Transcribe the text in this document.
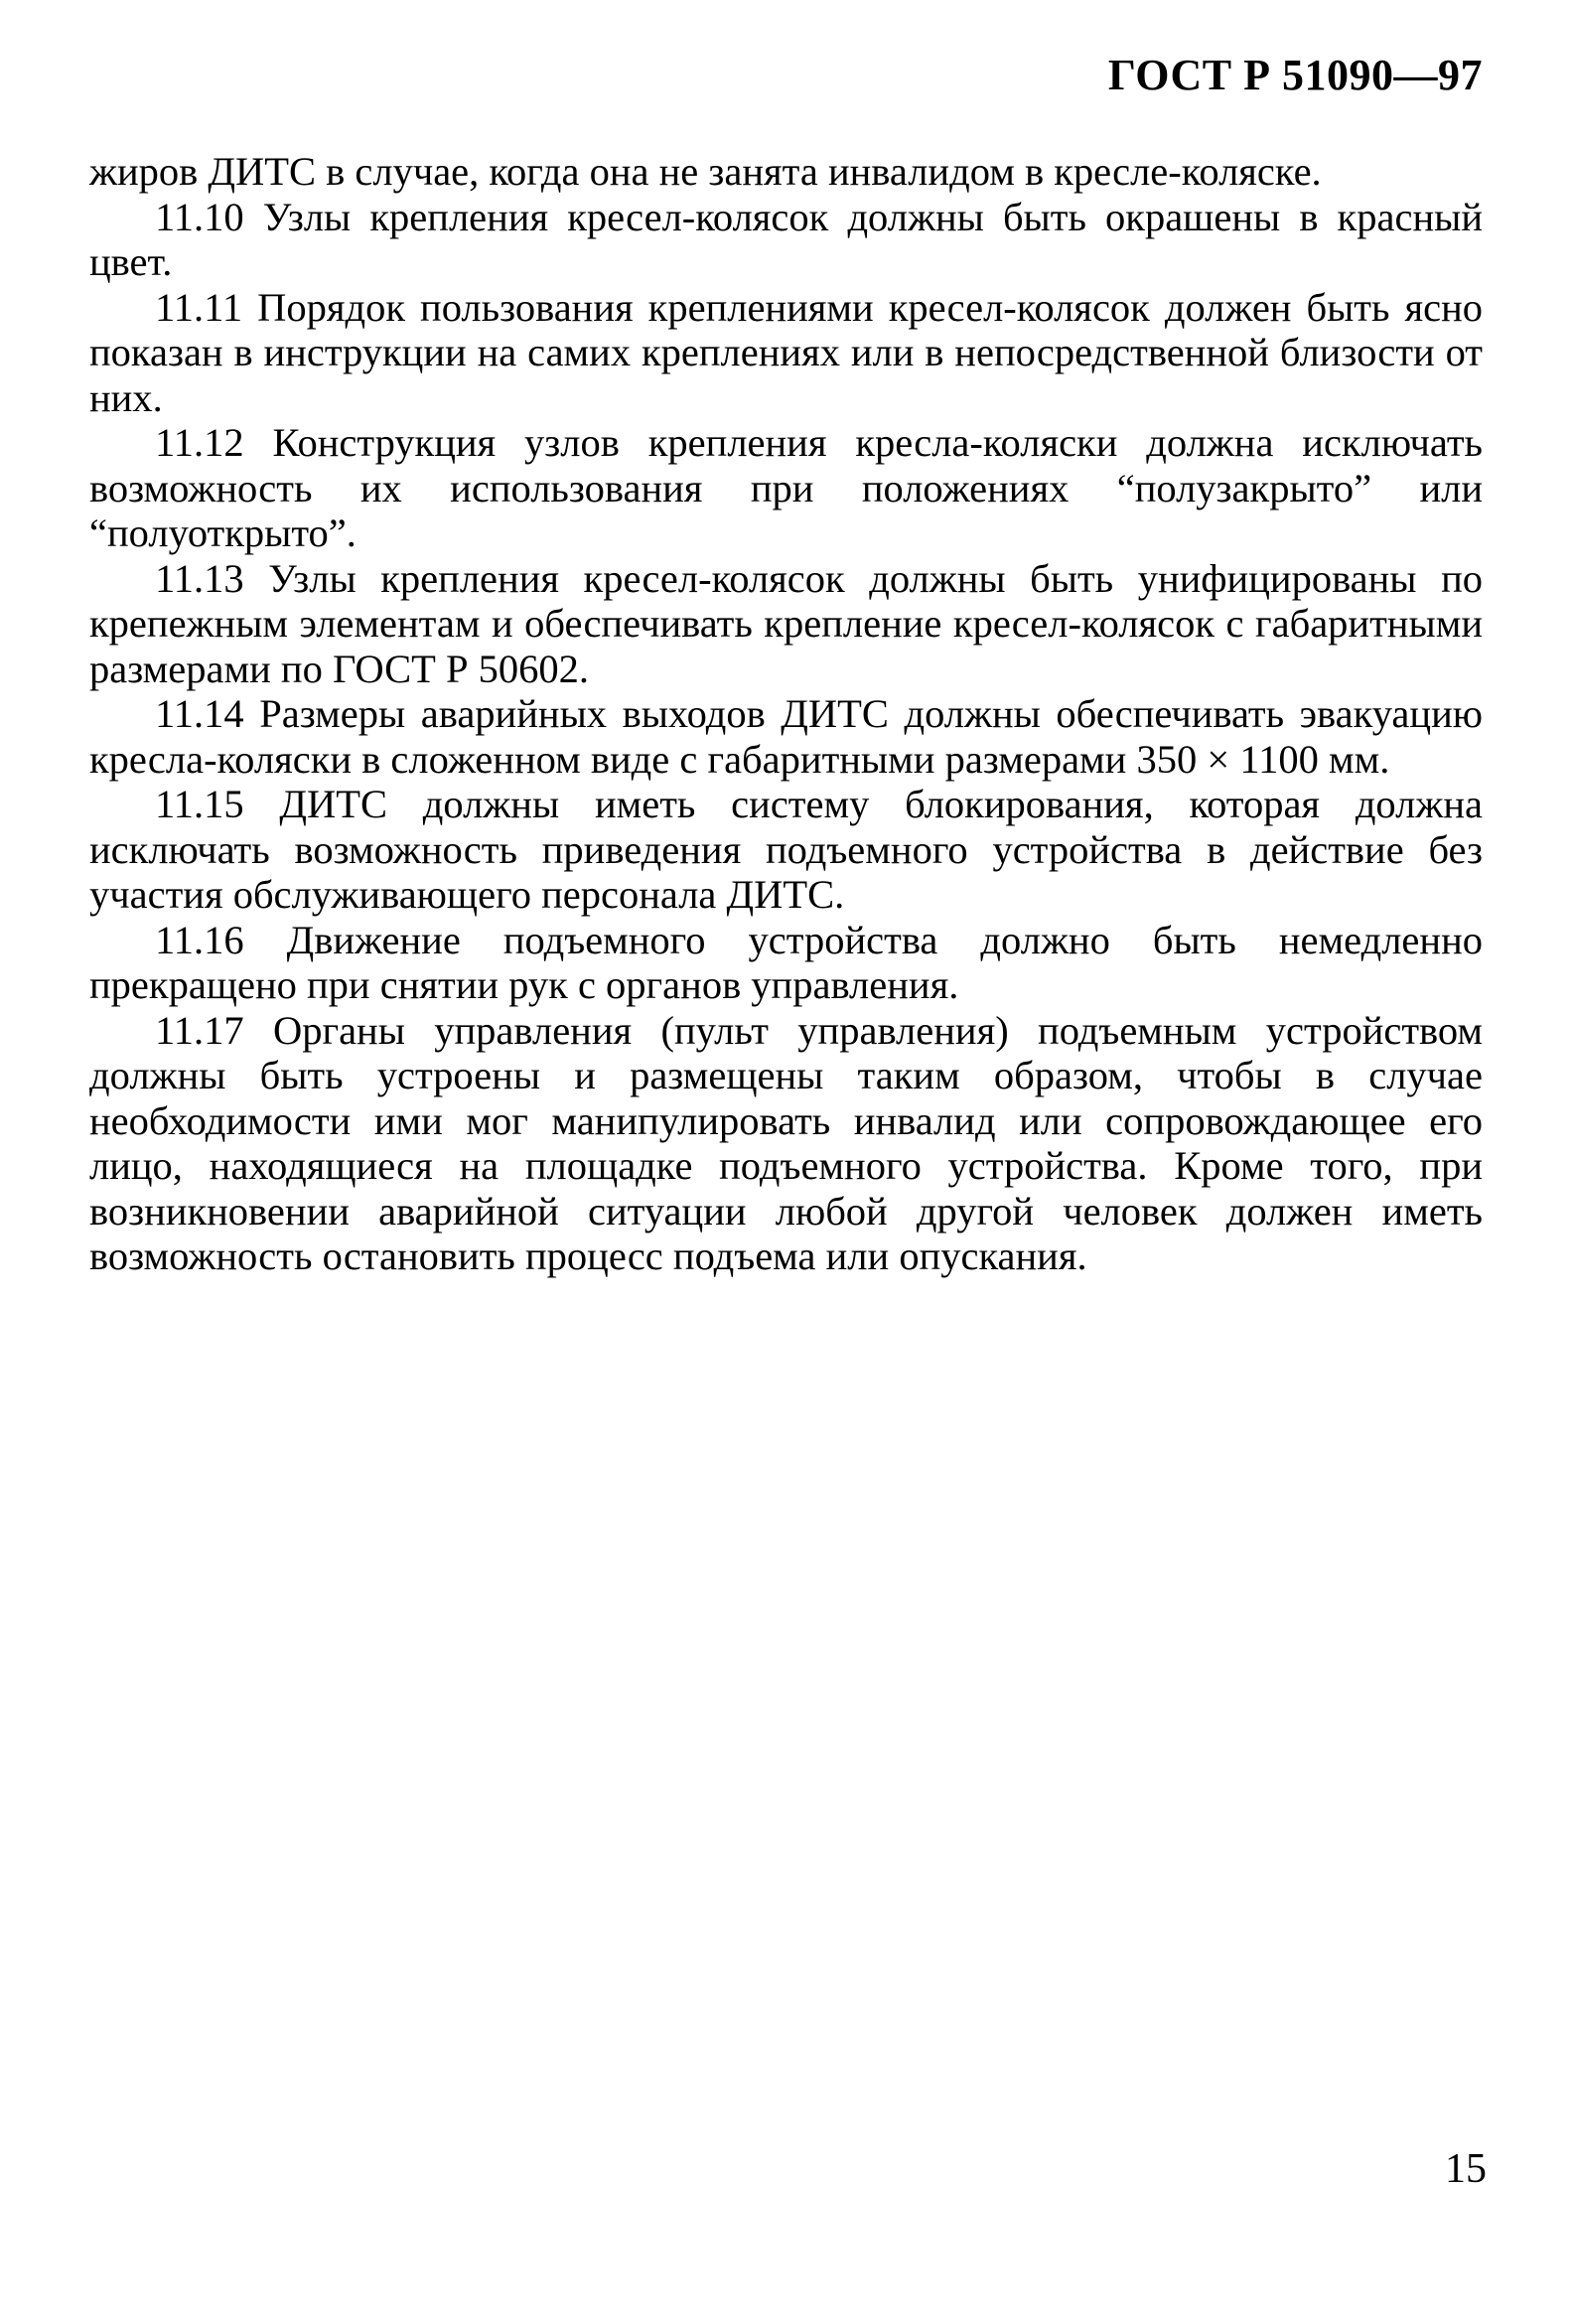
ГОСТ Р 51090—97

жиров ДИТС в случае, когда она не занята инвалидом в кресле-коляске.

11.10 Узлы крепления кресел-колясок должны быть окрашены в красный цвет.

11.11 Порядок пользования креплениями кресел-колясок должен быть ясно показан в инструкции на самих креплениях или в непосредственной близости от них.

11.12 Конструкция узлов крепления кресла-коляски должна исключать возможность их использования при положениях “полузакрыто” или “полуоткрыто”.

11.13 Узлы крепления кресел-колясок должны быть унифицированы по крепежным элементам и обеспечивать крепление кресел-колясок с габаритными размерами по ГОСТ Р 50602.

11.14 Размеры аварийных выходов ДИТС должны обеспечивать эвакуацию кресла-коляски в сложенном виде с габаритными размерами 350 × 1100 мм.

11.15 ДИТС должны иметь систему блокирования, которая должна исключать возможность приведения подъемного устройства в действие без участия обслуживающего персонала ДИТС.

11.16 Движение подъемного устройства должно быть немедленно прекращено при снятии рук с органов управления.

11.17 Органы управления (пульт управления) подъемным устройством должны быть устроены и размещены таким образом, чтобы в случае необходимости ими мог манипулировать инвалид или сопровождающее его лицо, находящиеся на площадке подъемного устройства. Кроме того, при возникновении аварийной ситуации любой другой человек должен иметь возможность остановить процесс подъема или опускания.

15
